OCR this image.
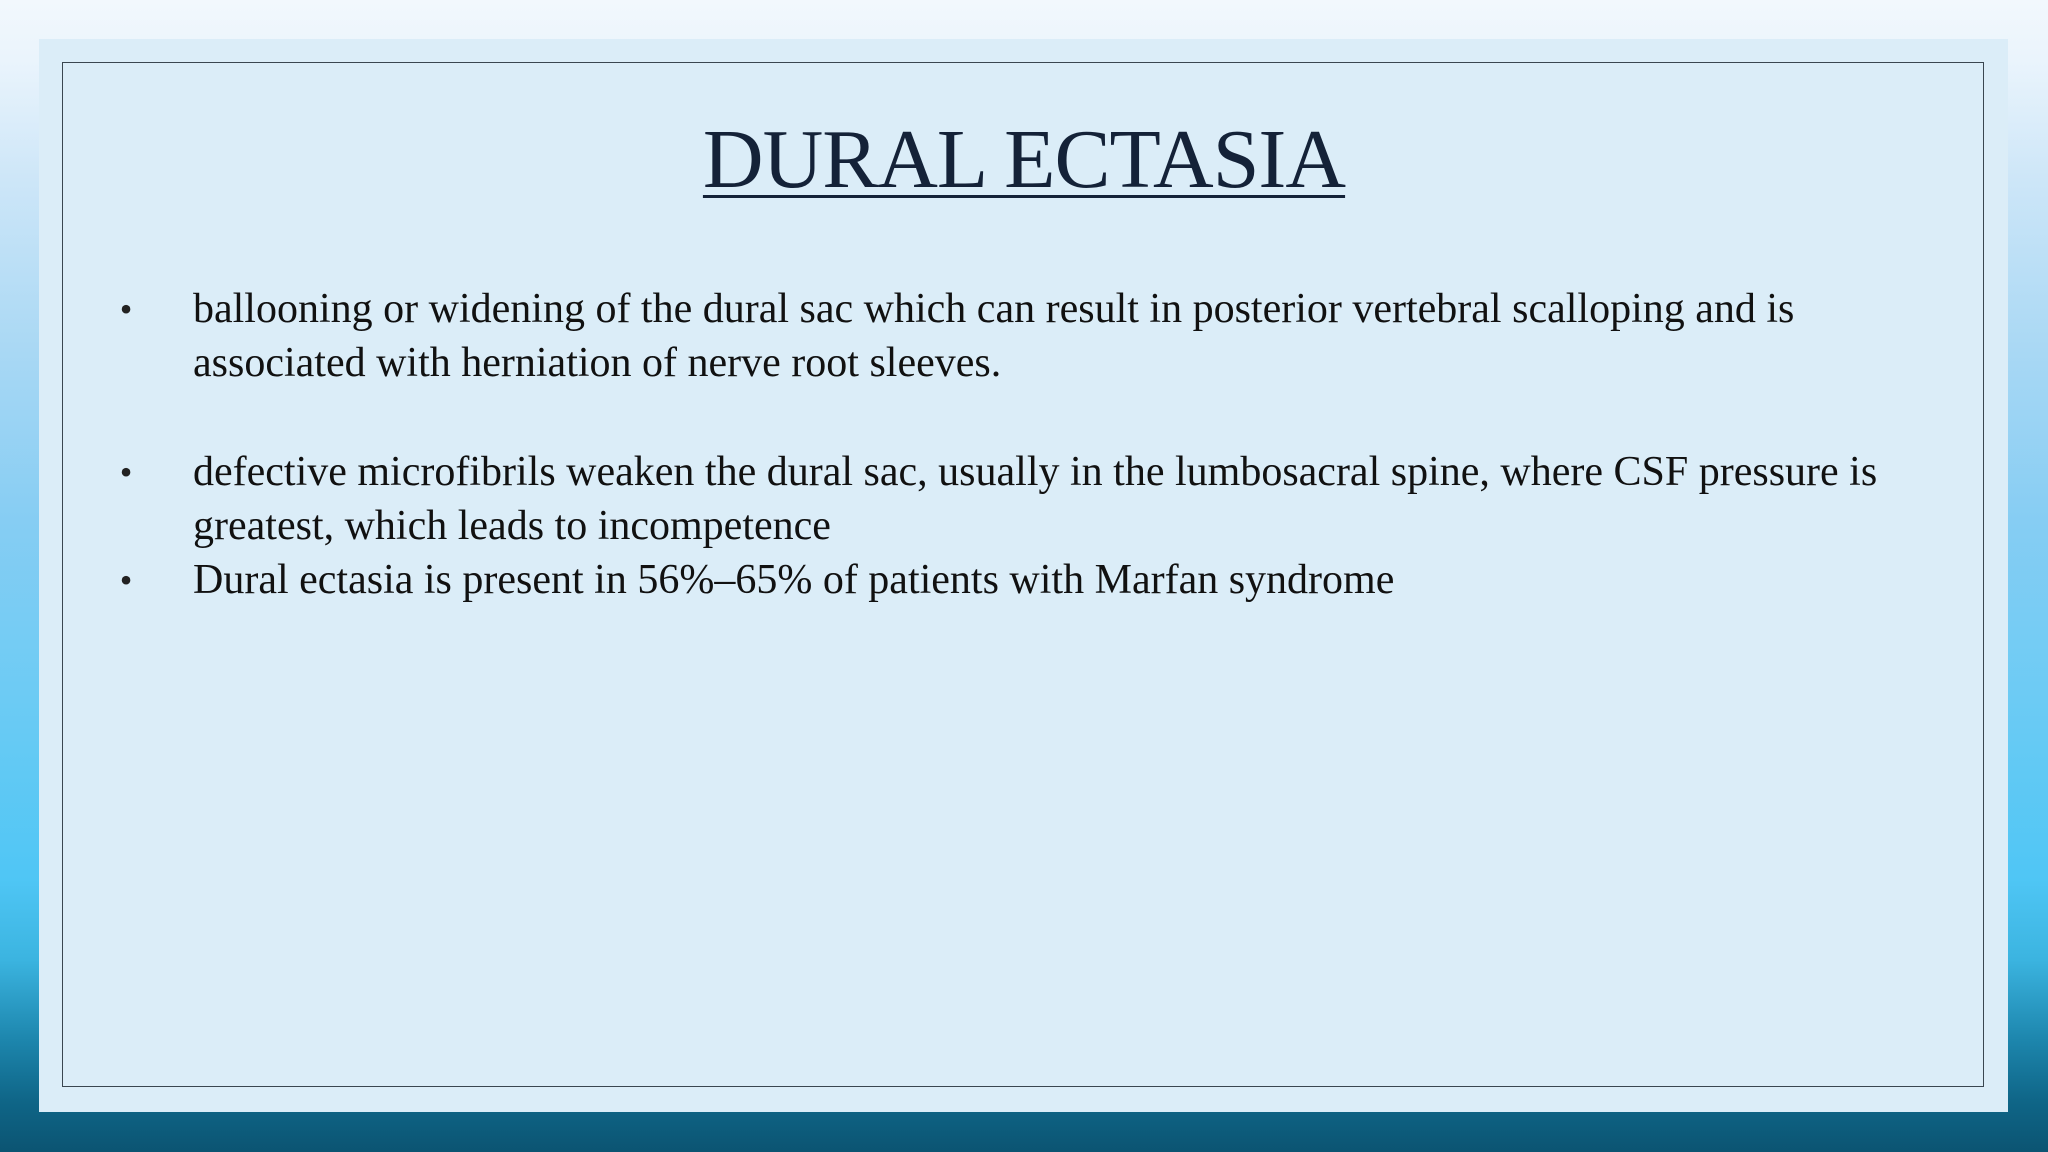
DURAL ECTASIA
• ballooning or widening of the dural sac which can result in posterior vertebral scalloping and is associated with herniation of nerve root sleeves.
• defective microfibrils weaken the dural sac, usually in the lumbosacral spine, where CSF pressure is greatest, which leads to incompetence
• Dural ectasia is present in 56%–65% of patients with Marfan syndrome
